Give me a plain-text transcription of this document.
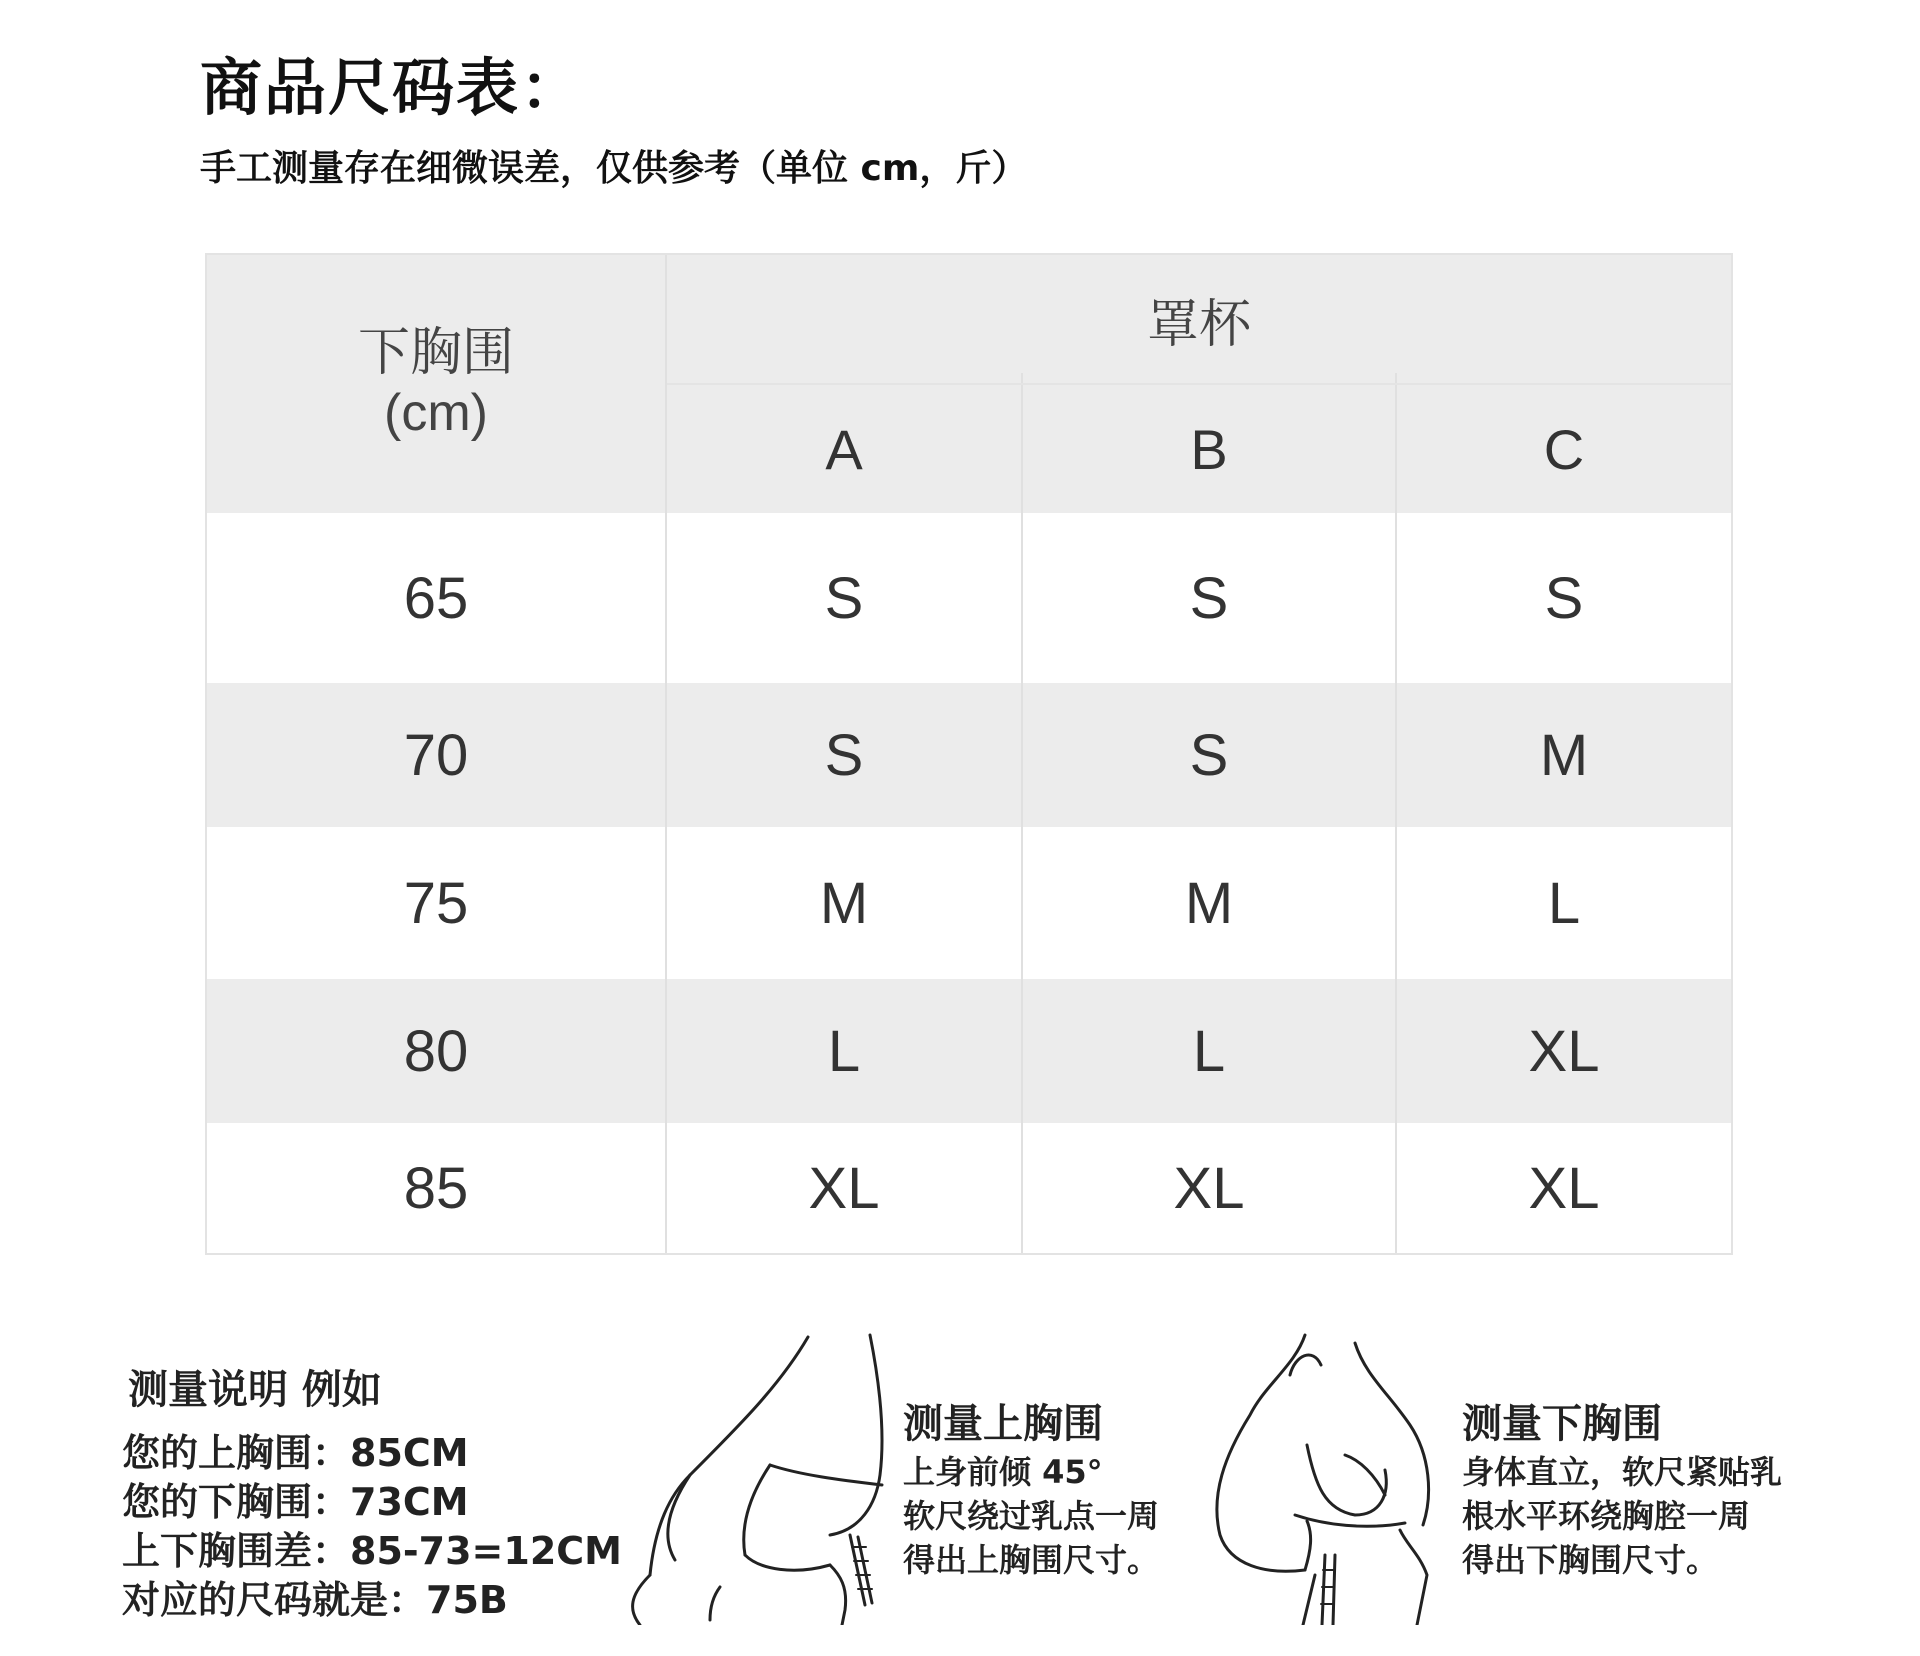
商品尺码表：
手工测量存在细微误差，仅供参考（单位 cm，斤）
下胸围
(cm)
罩杯
A	B	C
65	S	S	S
70	S	S	M
75	M	M	L
80	L	L	XL
85	XL	XL	XL
测量说明 例如
您的上胸围：85CM
您的下胸围：73CM
上下胸围差：85-73=12CM
对应的尺码就是：75B
测量上胸围
上身前倾 45°
软尺绕过乳点一周
得出上胸围尺寸。
测量下胸围
身体直立，软尺紧贴乳
根水平环绕胸腔一周
得出下胸围尺寸。
